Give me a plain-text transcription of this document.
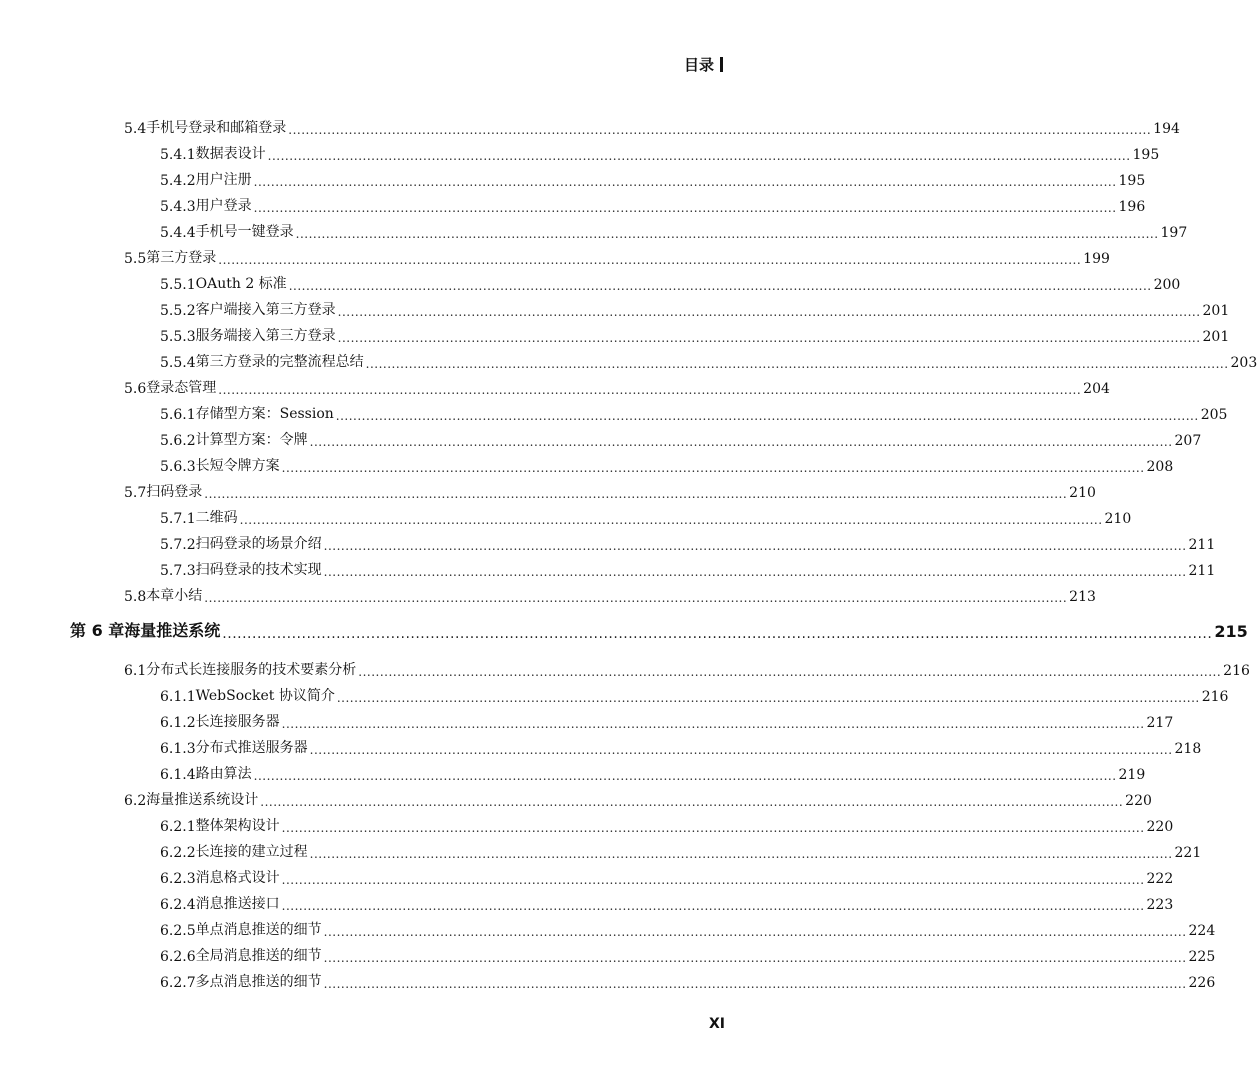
目录
5.4 手机号登录和邮箱登录 ........................................................................................................................................................................................................ 194
5.4.1 数据表设计 ........................................................................................................................................................................................................ 195
5.4.2 用户注册 ........................................................................................................................................................................................................ 195
5.4.3 用户登录 ........................................................................................................................................................................................................ 196
5.4.4 手机号一键登录 ........................................................................................................................................................................................................ 197
5.5 第三方登录 ........................................................................................................................................................................................................ 199
5.5.1 OAuth 2 标准 ........................................................................................................................................................................................................ 200
5.5.2 客户端接入第三方登录 ........................................................................................................................................................................................................ 201
5.5.3 服务端接入第三方登录 ........................................................................................................................................................................................................ 201
5.5.4 第三方登录的完整流程总结 ........................................................................................................................................................................................................ 203
5.6 登录态管理 ........................................................................................................................................................................................................ 204
5.6.1 存储型方案：Session ........................................................................................................................................................................................................ 205
5.6.2 计算型方案：令牌 ........................................................................................................................................................................................................ 207
5.6.3 长短令牌方案 ........................................................................................................................................................................................................ 208
5.7 扫码登录 ........................................................................................................................................................................................................ 210
5.7.1 二维码 ........................................................................................................................................................................................................ 210
5.7.2 扫码登录的场景介绍 ........................................................................................................................................................................................................ 211
5.7.3 扫码登录的技术实现 ........................................................................................................................................................................................................ 211
5.8 本章小结 ........................................................................................................................................................................................................ 213
第 6 章 海量推送系统 ........................................................................................................................................................................................................ 215
6.1 分布式长连接服务的技术要素分析 ........................................................................................................................................................................................................ 216
6.1.1 WebSocket 协议简介 ........................................................................................................................................................................................................ 216
6.1.2 长连接服务器 ........................................................................................................................................................................................................ 217
6.1.3 分布式推送服务器 ........................................................................................................................................................................................................ 218
6.1.4 路由算法 ........................................................................................................................................................................................................ 219
6.2 海量推送系统设计 ........................................................................................................................................................................................................ 220
6.2.1 整体架构设计 ........................................................................................................................................................................................................ 220
6.2.2 长连接的建立过程 ........................................................................................................................................................................................................ 221
6.2.3 消息格式设计 ........................................................................................................................................................................................................ 222
6.2.4 消息推送接口 ........................................................................................................................................................................................................ 223
6.2.5 单点消息推送的细节 ........................................................................................................................................................................................................ 224
6.2.6 全局消息推送的细节 ........................................................................................................................................................................................................ 225
6.2.7 多点消息推送的细节 ........................................................................................................................................................................................................ 226
XI
